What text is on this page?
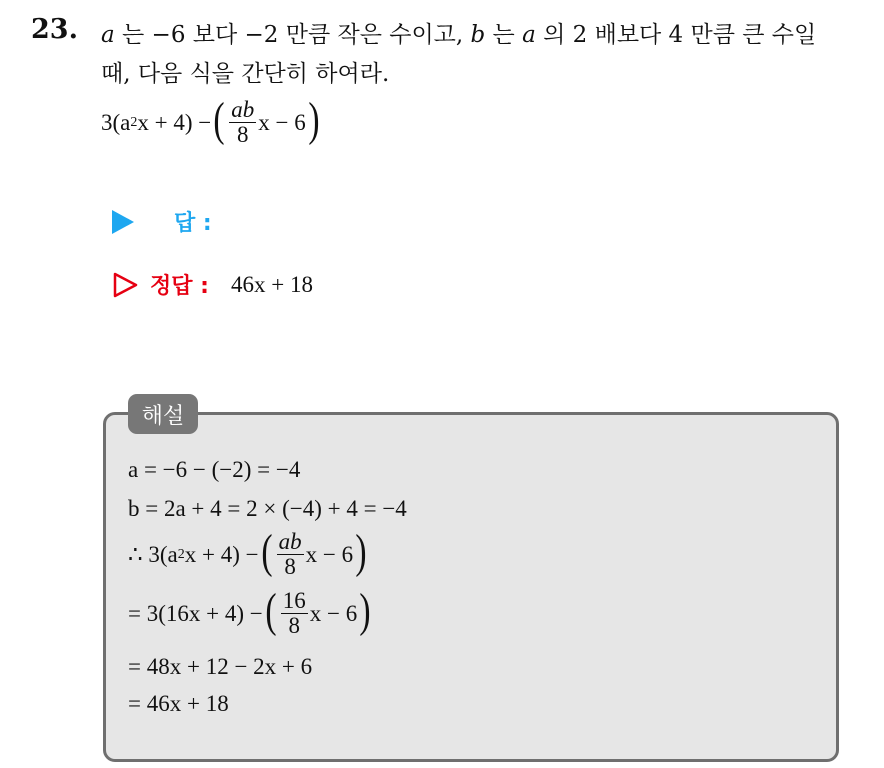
23. a 는 −6 보다 −2 만큼 작은 수이고, b 는 a 의 2 배보다 4 만큼 큰 수일
때, 다음 식을 간단히 하여라.
3(a 2 x + 4) − ( $\frac{ab}{8}$ x − 6 )
답 :
정답 : 46x + 18
해설
a = −6 − (−2) = −4
b = 2a + 4 = 2 × (−4) + 4 = −4
∴ 3(a 2 x + 4) − ( $\frac{ab}{8}$ x − 6 )
= 3(16x + 4) − ( $\frac{16}{8}$ x − 6 )
= 48x + 12 − 2x + 6
= 46x + 18
